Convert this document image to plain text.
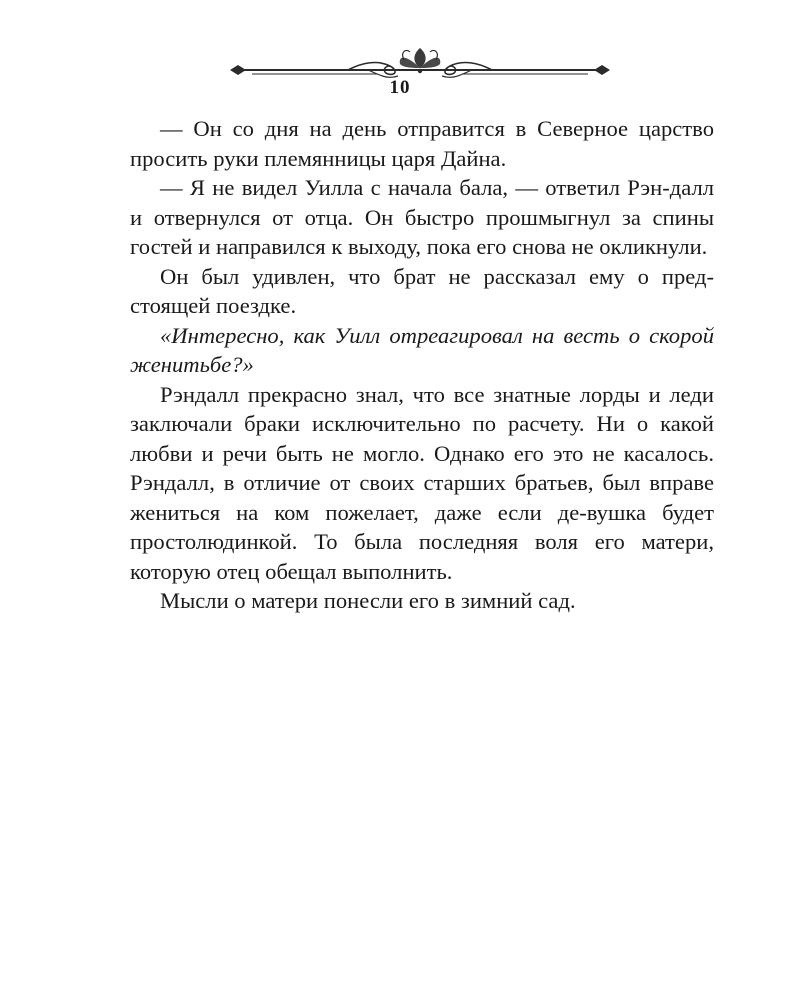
10

— Он со дня на день отправится в Северное царство просить руки племянницы царя Дайна.

— Я не видел Уилла с начала бала, — ответил Рэн-далл и отвернулся от отца. Он быстро прошмыгнул за спины гостей и направился к выходу, пока его снова не окликнули.

Он был удивлен, что брат не рассказал ему о пред-стоящей поездке.

«Интересно, как Уилл отреагировал на весть о скорой женитьбе?»

Рэндалл прекрасно знал, что все знатные лорды и леди заключали браки исключительно по расчету. Ни о какой любви и речи быть не могло. Однако его это не касалось. Рэндалл, в отличие от своих старших братьев, был вправе жениться на ком пожелает, даже если де-вушка будет простолюдинкой. То была последняя воля его матери, которую отец обещал выполнить.

Мысли о матери понесли его в зимний сад.
